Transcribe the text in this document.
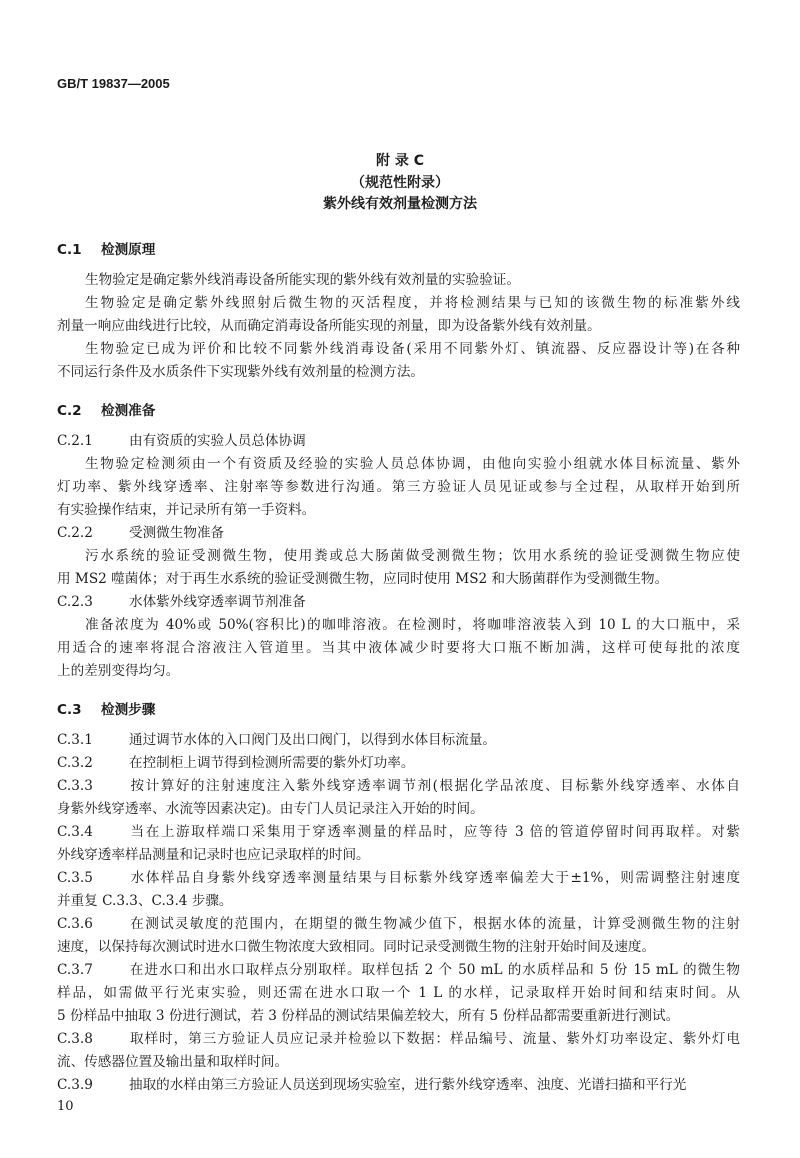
GB/T 19837—2005
附 录 C
（规范性附录）
紫外线有效剂量检测方法
C.1 检测原理
生物验定是确定紫外线消毒设备所能实现的紫外线有效剂量的实验验证。
生物验定是确定紫外线照射后微生物的灭活程度，并将检测结果与已知的该微生物的标准紫外线
剂量一响应曲线进行比较，从而确定消毒设备所能实现的剂量，即为设备紫外线有效剂量。
生物验定已成为评价和比较不同紫外线消毒设备(采用不同紫外灯、镇流器、反应器设计等)在各种
不同运行条件及水质条件下实现紫外线有效剂量的检测方法。
C.2 检测准备
C.2.1	由有资质的实验人员总体协调
生物验定检测须由一个有资质及经验的实验人员总体协调，由他向实验小组就水体目标流量、紫外
灯功率、紫外线穿透率、注射率等参数进行沟通。第三方验证人员见证或参与全过程，从取样开始到所
有实验操作结束，并记录所有第一手资料。
C.2.2	受测微生物准备
污水系统的验证受测微生物，使用粪或总大肠菌做受测微生物；饮用水系统的验证受测微生物应使
用 MS2 噬菌体；对于再生水系统的验证受测微生物，应同时使用 MS2 和大肠菌群作为受测微生物。
C.2.3	水体紫外线穿透率调节剂准备
准备浓度为 40%或 50%(容积比)的咖啡溶液。在检测时，将咖啡溶液装入到 10 L 的大口瓶中，采
用适合的速率将混合溶液注入管道里。当其中液体减少时要将大口瓶不断加满，这样可使每批的浓度
上的差别变得均匀。
C.3 检测步骤
C.3.1	通过调节水体的入口阀门及出口阀门，以得到水体目标流量。
C.3.2	在控制柜上调节得到检测所需要的紫外灯功率。
C.3.3	按计算好的注射速度注入紫外线穿透率调节剂(根据化学品浓度、目标紫外线穿透率、水体自
身紫外线穿透率、水流等因素决定)。由专门人员记录注入开始的时间。
C.3.4	当在上游取样端口采集用于穿透率测量的样品时，应等待 3 倍的管道停留时间再取样。对紫
外线穿透率样品测量和记录时也应记录取样的时间。
C.3.5	水体样品自身紫外线穿透率测量结果与目标紫外线穿透率偏差大于±1%，则需调整注射速度
并重复 C.3.3、C.3.4 步骤。
C.3.6	在测试灵敏度的范围内，在期望的微生物减少值下，根据水体的流量，计算受测微生物的注射
速度，以保持每次测试时进水口微生物浓度大致相同。同时记录受测微生物的注射开始时间及速度。
C.3.7	在进水口和出水口取样点分别取样。取样包括 2 个 50 mL 的水质样品和 5 份 15 mL 的微生物
样品，如需做平行光束实验，则还需在进水口取一个 1 L 的水样，记录取样开始时间和结束时间。从
5 份样品中抽取 3 份进行测试，若 3 份样品的测试结果偏差较大，所有 5 份样品都需要重新进行测试。
C.3.8	取样时，第三方验证人员应记录并检验以下数据：样品编号、流量、紫外灯功率设定、紫外灯电
流、传感器位置及输出量和取样时间。
C.3.9	抽取的水样由第三方验证人员送到现场实验室，进行紫外线穿透率、浊度、光谱扫描和平行光
10
